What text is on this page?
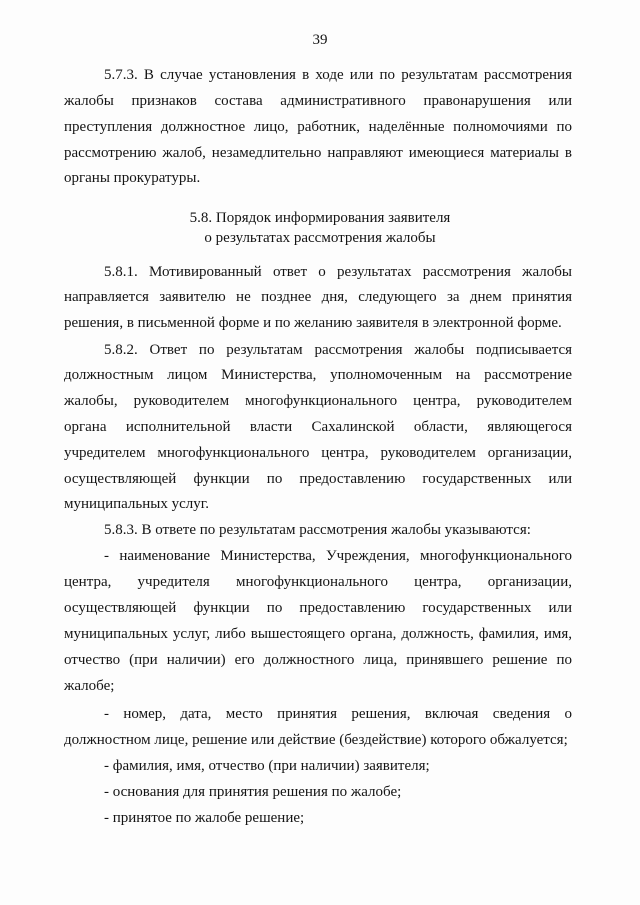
39
5.7.3. В случае установления в ходе или по результатам рассмотрения
жалобы признаков состава административного правонарушения или
преступления должностное лицо, работник, наделённые полномочиями по
рассмотрению жалоб, незамедлительно направляют имеющиеся материалы в
органы прокуратуры.
5.8. Порядок информирования заявителя
о результатах рассмотрения жалобы
5.8.1. Мотивированный ответ о результатах рассмотрения жалобы
направляется заявителю не позднее дня, следующего за днем принятия
решения, в письменной форме и по желанию заявителя в электронной форме.
5.8.2. Ответ по результатам рассмотрения жалобы подписывается
должностным лицом Министерства, уполномоченным на рассмотрение
жалобы, руководителем многофункционального центра, руководителем
органа исполнительной власти Сахалинской области, являющегося
учредителем многофункционального центра, руководителем организации,
осуществляющей функции по предоставлению государственных или
муниципальных услуг.
5.8.3. В ответе по результатам рассмотрения жалобы указываются:
- наименование Министерства, Учреждения, многофункционального
центра, учредителя многофункционального центра, организации,
осуществляющей функции по предоставлению государственных или
муниципальных услуг, либо вышестоящего органа, должность, фамилия, имя,
отчество (при наличии) его должностного лица, принявшего решение по
жалобе;
- номер, дата, место принятия решения, включая сведения о
должностном лице, решение или действие (бездействие) которого обжалуется;
- фамилия, имя, отчество (при наличии) заявителя;
- основания для принятия решения по жалобе;
- принятое по жалобе решение;
